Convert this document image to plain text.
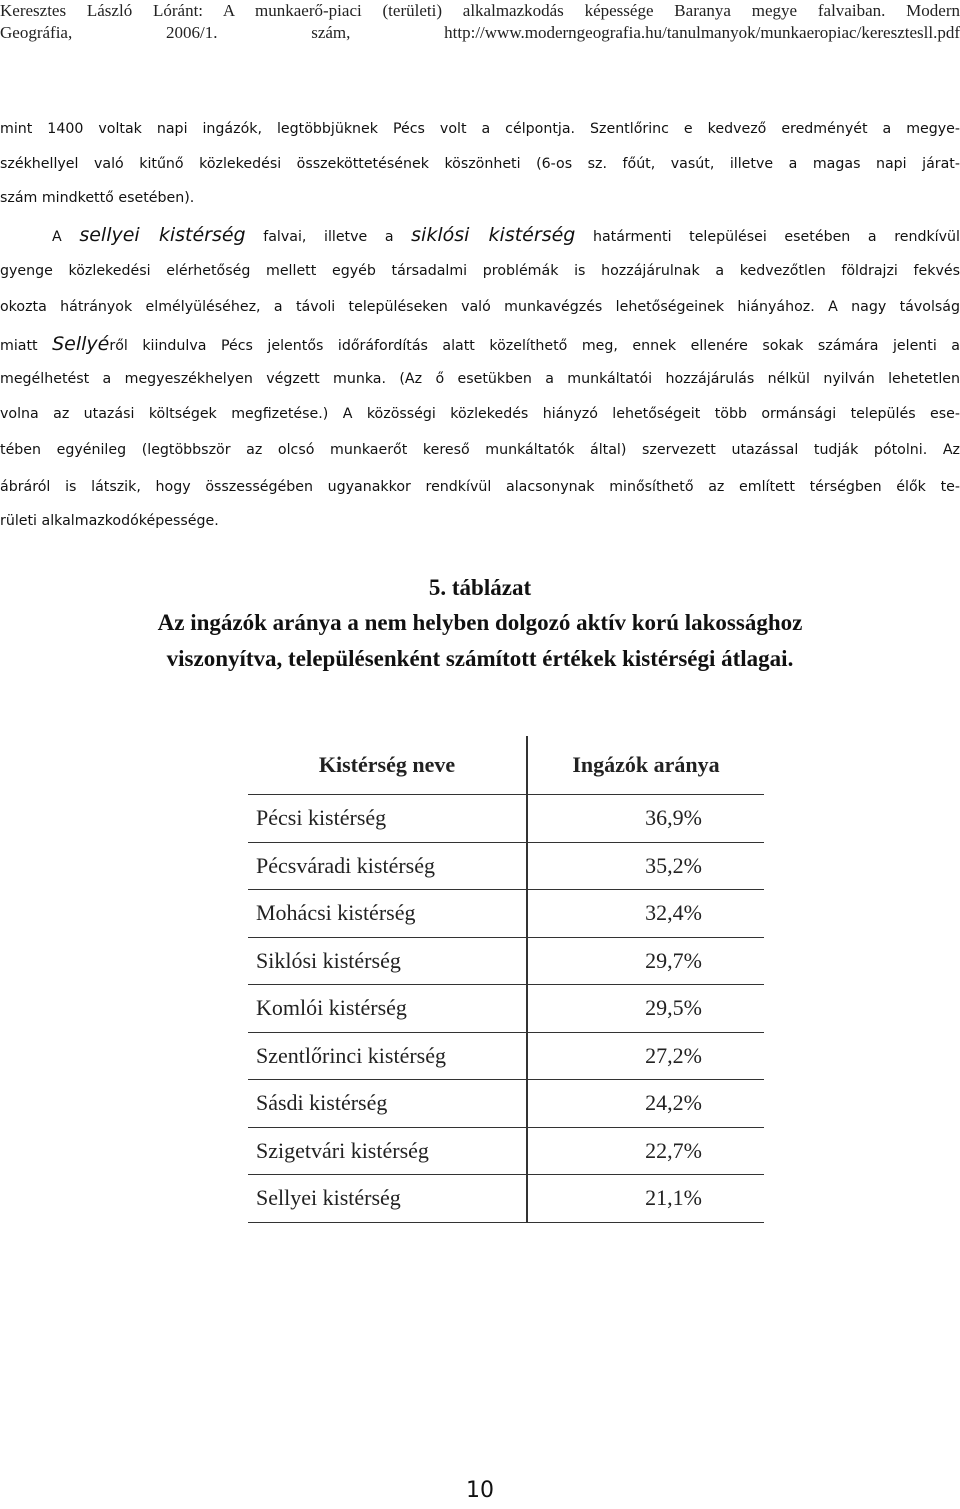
Keresztes László Lóránt: A munkaerő-piaci (területi) alkalmazkodás képessége Baranya megye falvaiban. Modern
Geográfia, 2006/1. szám, http://www.moderngeografia.hu/tanulmanyok/munkaeropiac/keresztesll.pdf
mint 1400 voltak napi ingázók, legtöbbjüknek Pécs volt a célpontja. Szentlőrinc e kedvező eredményét a megye-
székhellyel való kitűnő közlekedési összeköttetésének köszönheti (6-os sz. főút, vasút, illetve a magas napi járat-
szám mindkettő esetében).
A sellyei kistérség falvai, illetve a siklósi kistérség határmenti települései esetében a rendkívül
gyenge közlekedési elérhetőség mellett egyéb társadalmi problémák is hozzájárulnak a kedvezőtlen földrajzi fekvés
okozta hátrányok elmélyüléséhez, a távoli településeken való munkavégzés lehetőségeinek hiányához. A nagy távolság
miatt Sellyéről kiindulva Pécs jelentős időráfordítás alatt közelíthető meg, ennek ellenére sokak számára jelenti a
megélhetést a megyeszékhelyen végzett munka. (Az ő esetükben a munkáltatói hozzájárulás nélkül nyilván lehetetlen
volna az utazási költségek megfizetése.) A közösségi közlekedés hiányzó lehetőségeit több ormánsági település ese-
tében egyénileg (legtöbbször az olcsó munkaerőt kereső munkáltatók által) szervezett utazással tudják pótolni. Az
ábráról is látszik, hogy összességében ugyanakkor rendkívül alacsonynak minősíthető az említett térségben élők te-
rületi alkalmazkodóképessége.
5. táblázat
Az ingázók aránya a nem helyben dolgozó aktív korú lakossághoz
viszonyítva, településenként számított értékek kistérségi átlagai.
Kistérség neve	Ingázók aránya
Pécsi kistérség	36,9%
Pécsváradi kistérség	35,2%
Mohácsi kistérség	32,4%
Siklósi kistérség	29,7%
Komlói kistérség	29,5%
Szentlőrinci kistérség	27,2%
Sásdi kistérség	24,2%
Szigetvári kistérség	22,7%
Sellyei kistérség	21,1%
10
